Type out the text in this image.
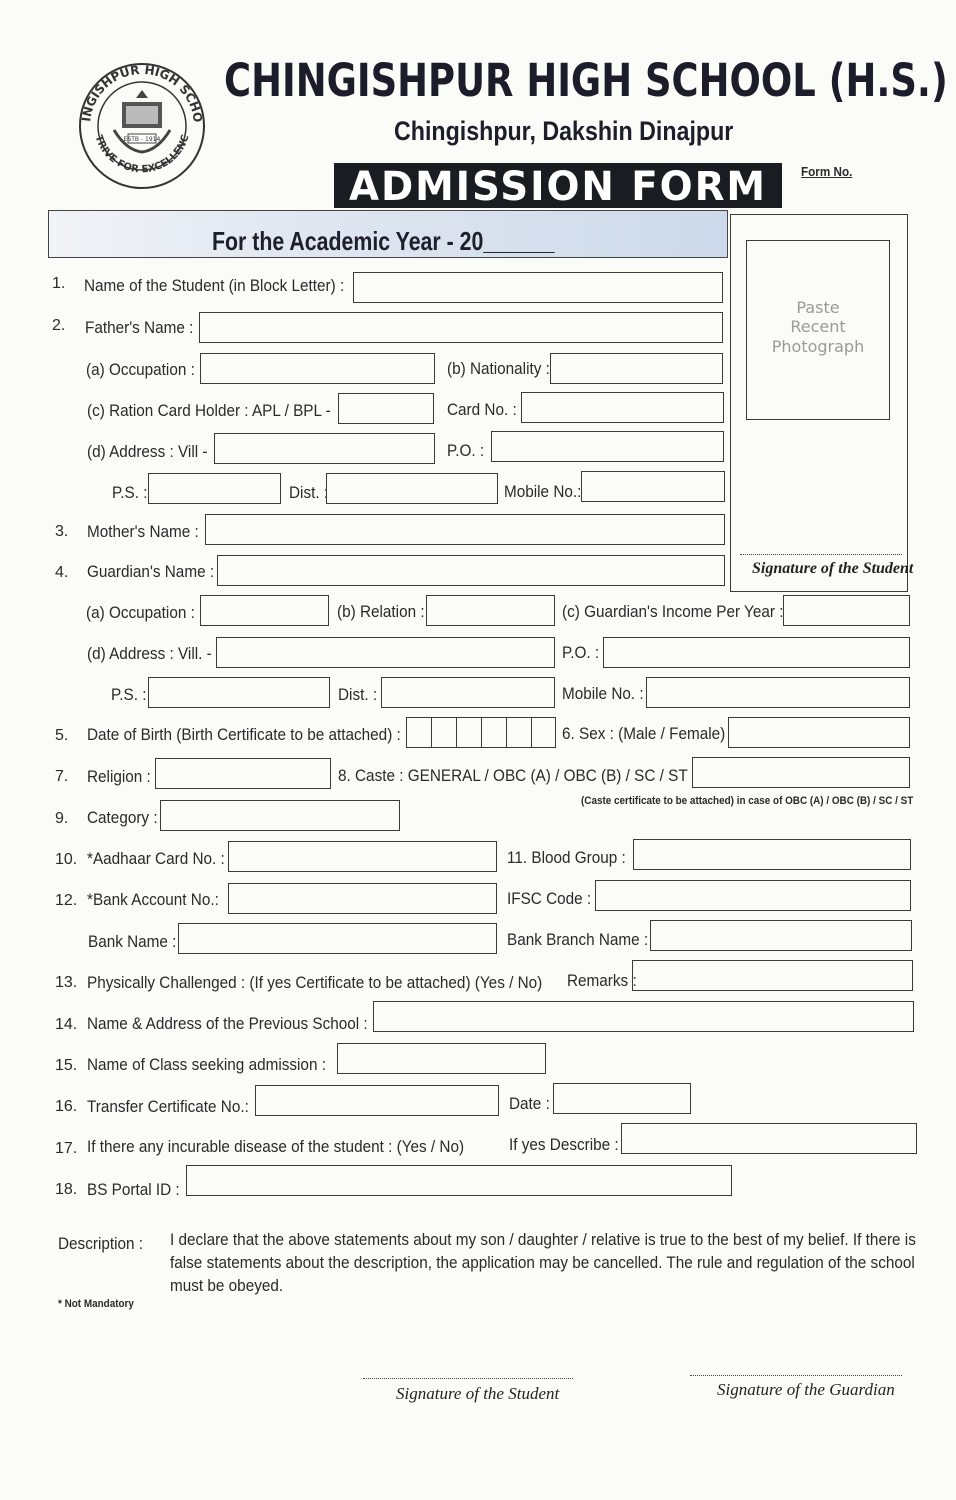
INGISHPUR HIGH SCHO
TRIVE FOR EXCELLENC
ESTB - 1914
CHINGISHPUR HIGH SCHOOL (H.S.)
Chingishpur, Dakshin Dinajpur
ADMISSION FORM	Form No.
For the Academic Year - 20______
Paste
Recent
Photograph
Signature of the Student
1. Name of the Student (in Block Letter) :
2. Father's Name :
(a) Occupation :	(b) Nationality :
(c) Ration Card Holder : APL / BPL -	Card No. :
(d) Address : Vill -	P.O. :
P.S. :	Dist. :	Mobile No.:
3. Mother's Name :
4. Guardian's Name :
(a) Occupation :	(b) Relation :	(c) Guardian's Income Per Year :
(d) Address : Vill. -	P.O. :
P.S. :	Dist. :	Mobile No. :
5. Date of Birth (Birth Certificate to be attached) :	6. Sex : (Male / Female)
7. Religion :	8. Caste : GENERAL / OBC (A) / OBC (B) / SC / ST
(Caste certificate to be attached) in case of OBC (A) / OBC (B) / SC / ST
9. Category :
10. *Aadhaar Card No. :	11. Blood Group :
12. *Bank Account No.:	IFSC Code :
Bank Name :	Bank Branch Name :
13. Physically Challenged : (If yes Certificate to be attached) (Yes / No) Remarks :
14. Name & Address of the Previous School :
15. Name of Class seeking admission :
16. Transfer Certificate No.:	Date :
17. If there any incurable disease of the student : (Yes / No)	If yes Describe :
18. BS Portal ID :
Description : I declare that the above statements about my son / daughter / relative is true to the best of my belief. If there is false statements about the description, the application may be cancelled. The rule and regulation of the school must be obeyed.
* Not Mandatory
Signature of the Student	Signature of the Guardian
